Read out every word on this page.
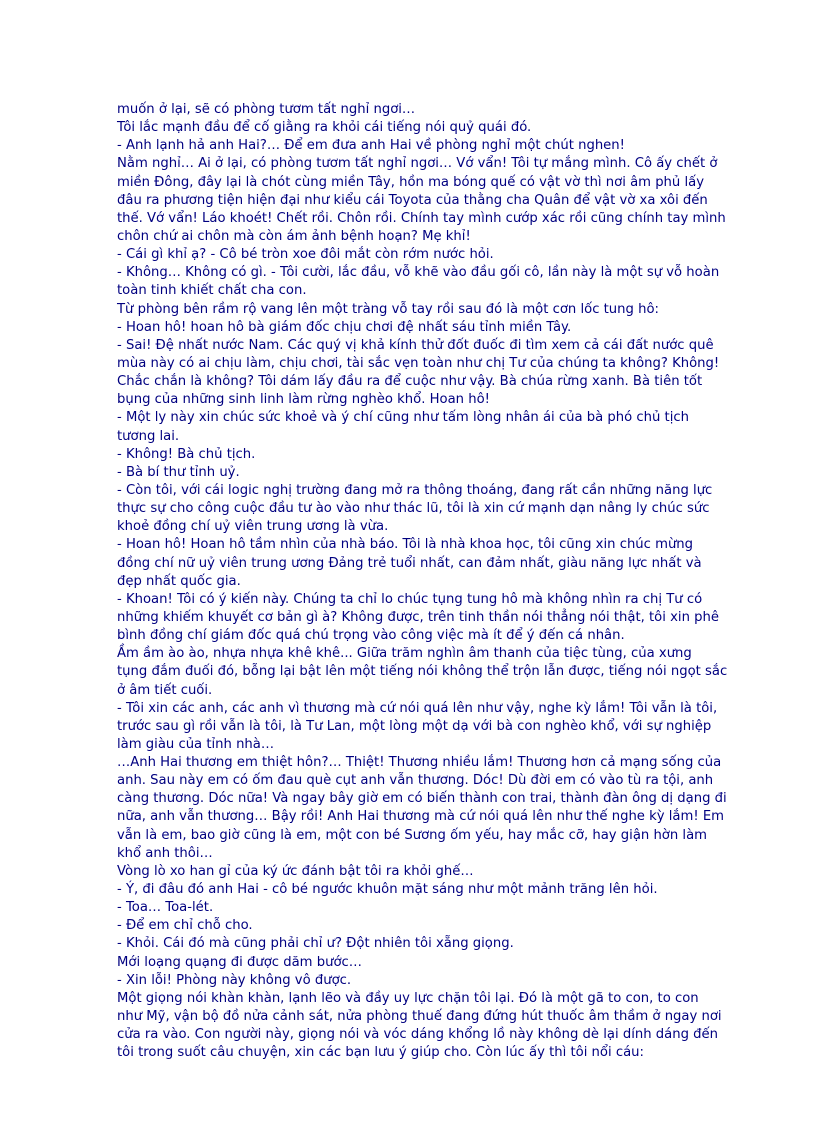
muốn ở lại, sẽ có phòng tươm tất nghỉ ngơi…
Tôi lắc mạnh đầu để cố giằng ra khỏi cái tiếng nói quỷ quái đó.
- Anh lạnh hả anh Hai?… Để em đưa anh Hai về phòng nghỉ một chút nghen!
Nằm nghỉ… Ai ở lại, có phòng tươm tất nghỉ ngơi… Vớ vẩn! Tôi tự mắng mình. Cô ấy chết ở
miền Đông, đây lại là chót cùng miền Tây, hồn ma bóng quế có vật vờ thì nơi âm phủ lấy
đâu ra phương tiện hiện đại như kiểu cái Toyota của thằng cha Quân để vật vờ xa xôi đến
thế. Vớ vẩn! Láo khoét! Chết rồi. Chôn rồi. Chính tay mình cướp xác rồi cũng chính tay mình
chôn chứ ai chôn mà còn ám ảnh bệnh hoạn? Mẹ khỉ!
- Cái gì khỉ ạ? - Cô bé tròn xoe đôi mắt còn rớm nước hỏi.
- Không… Không có gì. - Tôi cười, lắc đầu, vỗ khẽ vào đầu gối cô, lần này là một sự vỗ hoàn
toàn tinh khiết chất cha con.
Từ phòng bên rầm rộ vang lên một tràng vỗ tay rồi sau đó là một cơn lốc tung hô:
- Hoan hô! hoan hô bà giám đốc chịu chơi đệ nhất sáu tỉnh miền Tây.
- Sai! Đệ nhất nước Nam. Các quý vị khả kính thử đốt đuốc đi tìm xem cả cái đất nước quê
mùa này có ai chịu làm, chịu chơi, tài sắc vẹn toàn như chị Tư của chúng ta không? Không!
Chắc chắn là không? Tôi dám lấy đầu ra để cuộc như vậy. Bà chúa rừng xanh. Bà tiên tốt
bụng của những sinh linh làm rừng nghèo khổ. Hoan hô!
- Một ly này xin chúc sức khoẻ và ý chí cũng như tấm lòng nhân ái của bà phó chủ tịch
tương lai.
- Không! Bà chủ tịch.
- Bà bí thư tỉnh uỷ.
- Còn tôi, với cái logic nghị trường đang mở ra thông thoáng, đang rất cần những năng lực
thực sự cho công cuộc đầu tư ào vào như thác lũ, tôi là xin cứ mạnh dạn nâng ly chúc sức
khoẻ đồng chí uỷ viên trung ương là vừa.
- Hoan hô! Hoan hô tầm nhìn của nhà báo. Tôi là nhà khoa học, tôi cũng xin chúc mừng
đồng chí nữ uỷ viên trung ương Đảng trẻ tuổi nhất, can đảm nhất, giàu năng lực nhất và
đẹp nhất quốc gia.
- Khoan! Tôi có ý kiến này. Chúng ta chỉ lo chúc tụng tung hô mà không nhìn ra chị Tư có
những khiếm khuyết cơ bản gì à? Không được, trên tinh thần nói thẳng nói thật, tôi xin phê
bình đồng chí giám đốc quá chú trọng vào công việc mà ít để ý đến cá nhân.
Ầm ầm ào ào, nhựa nhựa khê khê... Giữa trăm nghìn âm thanh của tiệc tùng, của xưng
tụng đắm đuối đó, bỗng lại bật lên một tiếng nói không thể trộn lẫn được, tiếng nói ngọt sắc
ở âm tiết cuối.
- Tôi xin các anh, các anh vì thương mà cứ nói quá lên như vậy, nghe kỳ lắm! Tôi vẫn là tôi,
trước sau gì rồi vẫn là tôi, là Tư Lan, một lòng một dạ với bà con nghèo khổ, với sự nghiệp
làm giàu của tỉnh nhà…
…Anh Hai thương em thiệt hôn?… Thiệt! Thương nhiều lắm! Thương hơn cả mạng sống của
anh. Sau này em có ốm đau què cụt anh vẫn thương. Dóc! Dù đời em có vào tù ra tội, anh
càng thương. Dóc nữa! Và ngay bây giờ em có biến thành con trai, thành đàn ông dị dạng đi
nữa, anh vẫn thương… Bậy rồi! Anh Hai thương mà cứ nói quá lên như thế nghe kỳ lắm! Em
vẫn là em, bao giờ cũng là em, một con bé Sương ốm yếu, hay mắc cỡ, hay giận hờn làm
khổ anh thôi…
Vòng lò xo han gỉ của ký ức đánh bật tôi ra khỏi ghế…
- Ý, đi đâu đó anh Hai - cô bé ngước khuôn mặt sáng như một mảnh trăng lên hỏi.
- Toa… Toa-lét.
- Để em chỉ chỗ cho.
- Khỏi. Cái đó mà cũng phải chỉ ư? Đột nhiên tôi xẵng giọng.
Mới loạng quạng đi được dăm bước…
- Xin lỗi! Phòng này không vô được.
Một giọng nói khàn khàn, lạnh lẽo và đầy uy lực chặn tôi lại. Đó là một gã to con, to con
như Mỹ, vận bộ đồ nửa cảnh sát, nửa phòng thuế đang đứng hút thuốc âm thầm ở ngay nơi
cửa ra vào. Con người này, giọng nói và vóc dáng khổng lồ này không dè lại dính dáng đến
tôi trong suốt câu chuyện, xin các bạn lưu ý giúp cho. Còn lúc ấy thì tôi nổi cáu:
